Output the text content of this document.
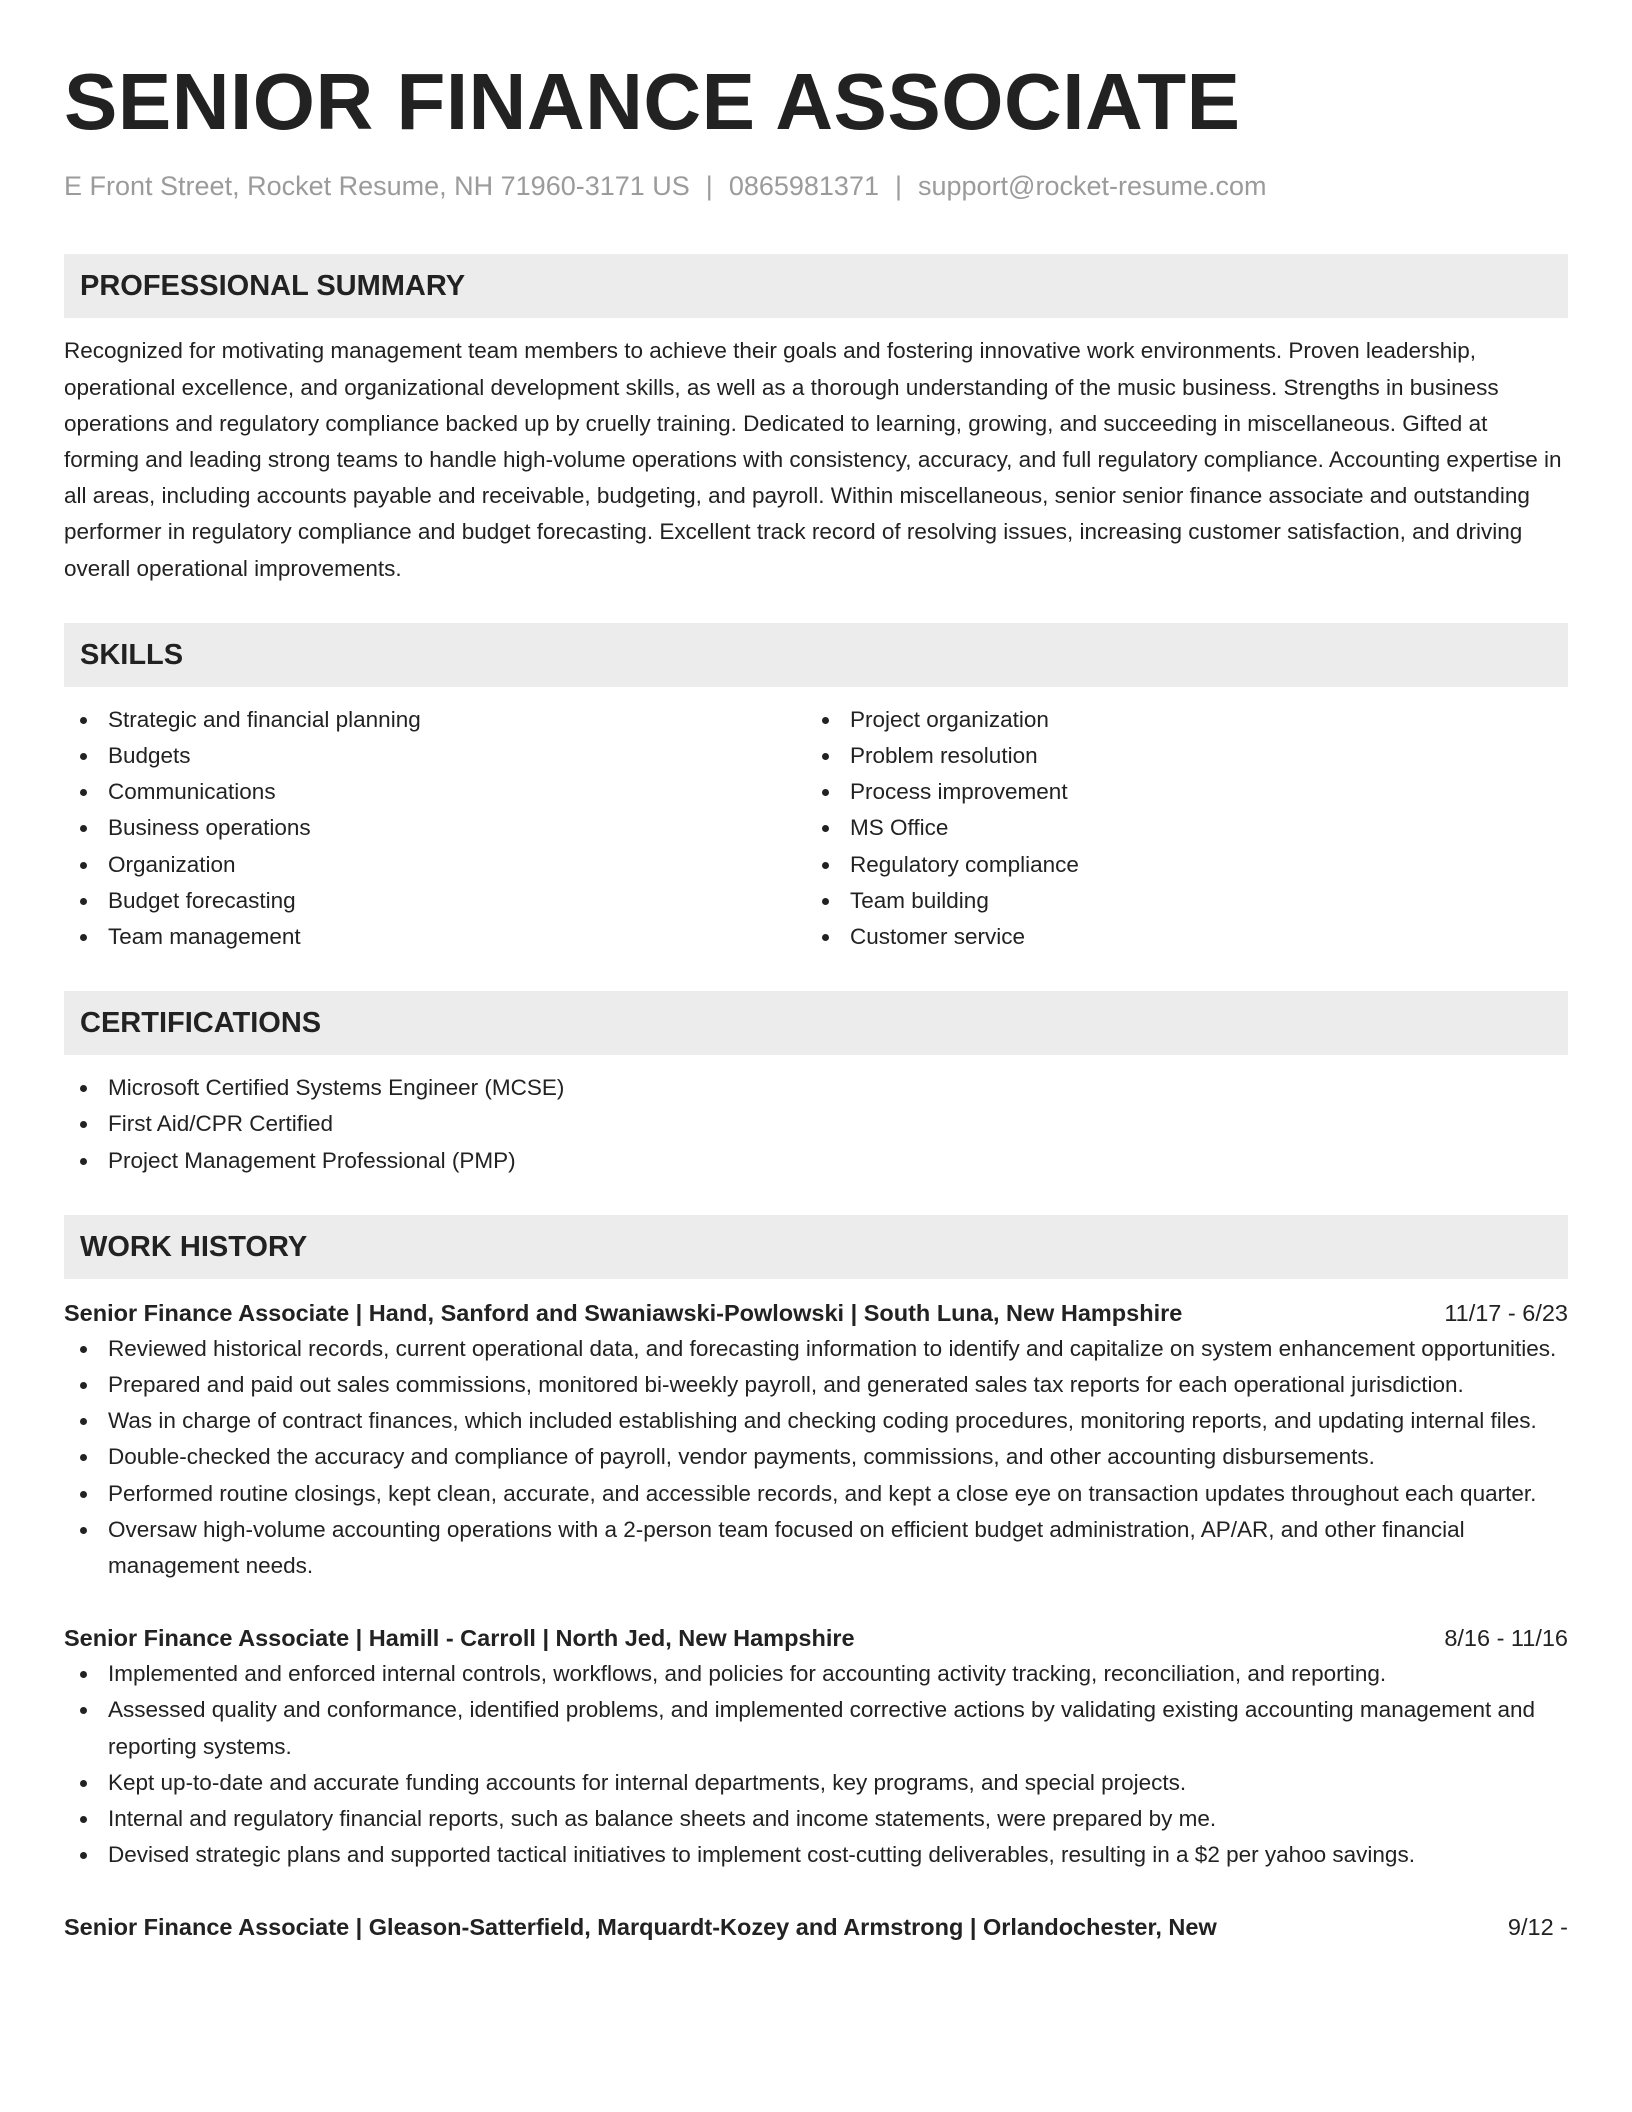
SENIOR FINANCE ASSOCIATE
E Front Street, Rocket Resume, NH 71960-3171 US | 0865981371 | support@rocket-resume.com
PROFESSIONAL SUMMARY
Recognized for motivating management team members to achieve their goals and fostering innovative work environments. Proven leadership, operational excellence, and organizational development skills, as well as a thorough understanding of the music business. Strengths in business operations and regulatory compliance backed up by cruelly training. Dedicated to learning, growing, and succeeding in miscellaneous. Gifted at forming and leading strong teams to handle high-volume operations with consistency, accuracy, and full regulatory compliance. Accounting expertise in all areas, including accounts payable and receivable, budgeting, and payroll. Within miscellaneous, senior senior finance associate and outstanding performer in regulatory compliance and budget forecasting. Excellent track record of resolving issues, increasing customer satisfaction, and driving overall operational improvements.
SKILLS
Strategic and financial planning
Budgets
Communications
Business operations
Organization
Budget forecasting
Team management
Project organization
Problem resolution
Process improvement
MS Office
Regulatory compliance
Team building
Customer service
CERTIFICATIONS
Microsoft Certified Systems Engineer (MCSE)
First Aid/CPR Certified
Project Management Professional (PMP)
WORK HISTORY
Senior Finance Associate | Hand, Sanford and Swaniawski-Powlowski | South Luna, New Hampshire	11/17 - 6/23
Reviewed historical records, current operational data, and forecasting information to identify and capitalize on system enhancement opportunities.
Prepared and paid out sales commissions, monitored bi-weekly payroll, and generated sales tax reports for each operational jurisdiction.
Was in charge of contract finances, which included establishing and checking coding procedures, monitoring reports, and updating internal files.
Double-checked the accuracy and compliance of payroll, vendor payments, commissions, and other accounting disbursements.
Performed routine closings, kept clean, accurate, and accessible records, and kept a close eye on transaction updates throughout each quarter.
Oversaw high-volume accounting operations with a 2-person team focused on efficient budget administration, AP/AR, and other financial management needs.
Senior Finance Associate | Hamill - Carroll | North Jed, New Hampshire	8/16 - 11/16
Implemented and enforced internal controls, workflows, and policies for accounting activity tracking, reconciliation, and reporting.
Assessed quality and conformance, identified problems, and implemented corrective actions by validating existing accounting management and reporting systems.
Kept up-to-date and accurate funding accounts for internal departments, key programs, and special projects.
Internal and regulatory financial reports, such as balance sheets and income statements, were prepared by me.
Devised strategic plans and supported tactical initiatives to implement cost-cutting deliverables, resulting in a $2 per yahoo savings.
Senior Finance Associate | Gleason-Satterfield, Marquardt-Kozey and Armstrong | Orlandochester, New	9/12 -
